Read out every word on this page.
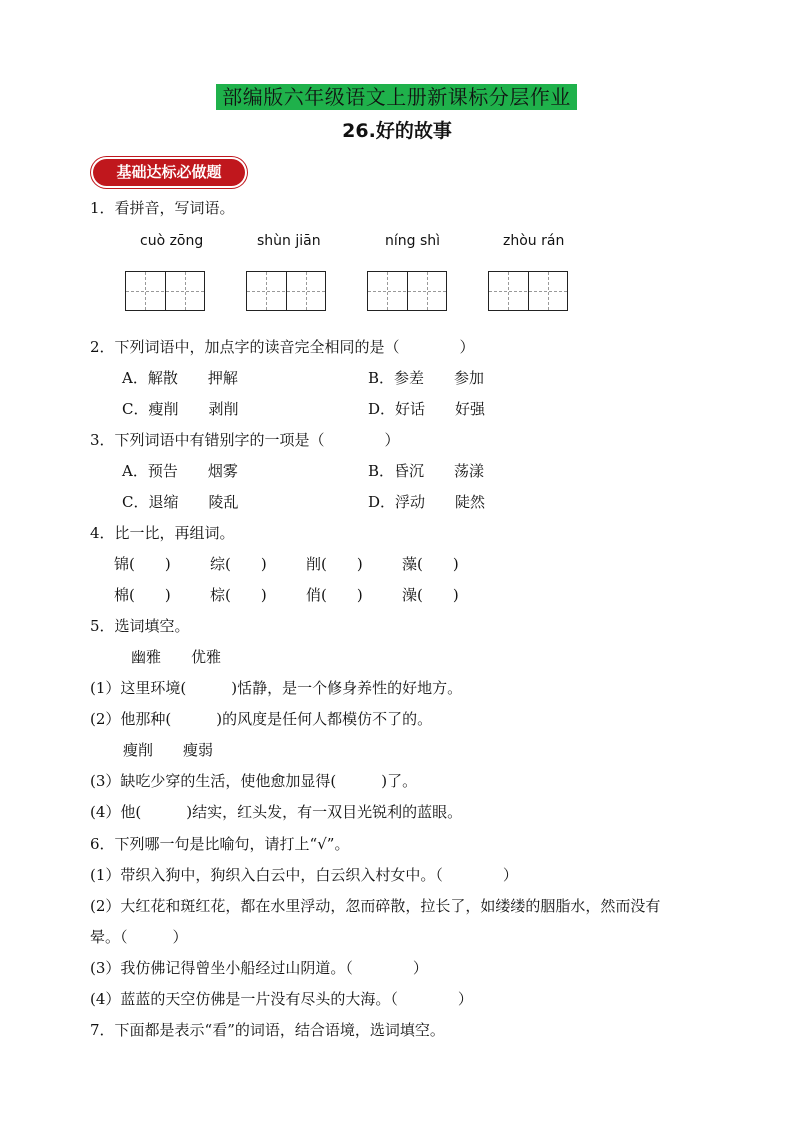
部编版六年级语文上册新课标分层作业
26.好的故事
基础达标必做题
1．看拼音，写词语。
cuò zōng	shùn jiān	níng shì	zhòu rán
2．下列词语中，加点字的读音完全相同的是（　　　　）
A．解散　　押解	B．参差　　参加
C．瘦削　　剥削	D．好话　　好强
3．下列词语中有错别字的一项是（　　　　）
A．预告　　烟雾	B．昏沉　　荡漾
C．退缩　　陵乱	D．浮动　　陡然
4．比一比，再组词。
锦(　　)	综(　　)	削(　　)	藻(　　)
棉(　　)	棕(　　)	俏(　　)	澡(　　)
5．选词填空。
幽雅　　优雅
(1）这里环境(　　　)恬静，是一个修身养性的好地方。
(2）他那种(　　　)的风度是任何人都模仿不了的。
瘦削　　瘦弱
(3）缺吃少穿的生活，使他愈加显得(　　　)了。
(4）他(　　　)结实，红头发，有一双目光锐利的蓝眼。
6．下列哪一句是比喻句，请打上“√”。
(1）带织入狗中，狗织入白云中，白云织入村女中。（　　　　）
(2）大红花和斑红花，都在水里浮动，忽而碎散，拉长了，如缕缕的胭脂水，然而没有
晕。（　　　）
(3）我仿佛记得曾坐小船经过山阴道。（　　　　）
(4）蓝蓝的天空仿佛是一片没有尽头的大海。（　　　　）
7．下面都是表示“看”的词语，结合语境，选词填空。
